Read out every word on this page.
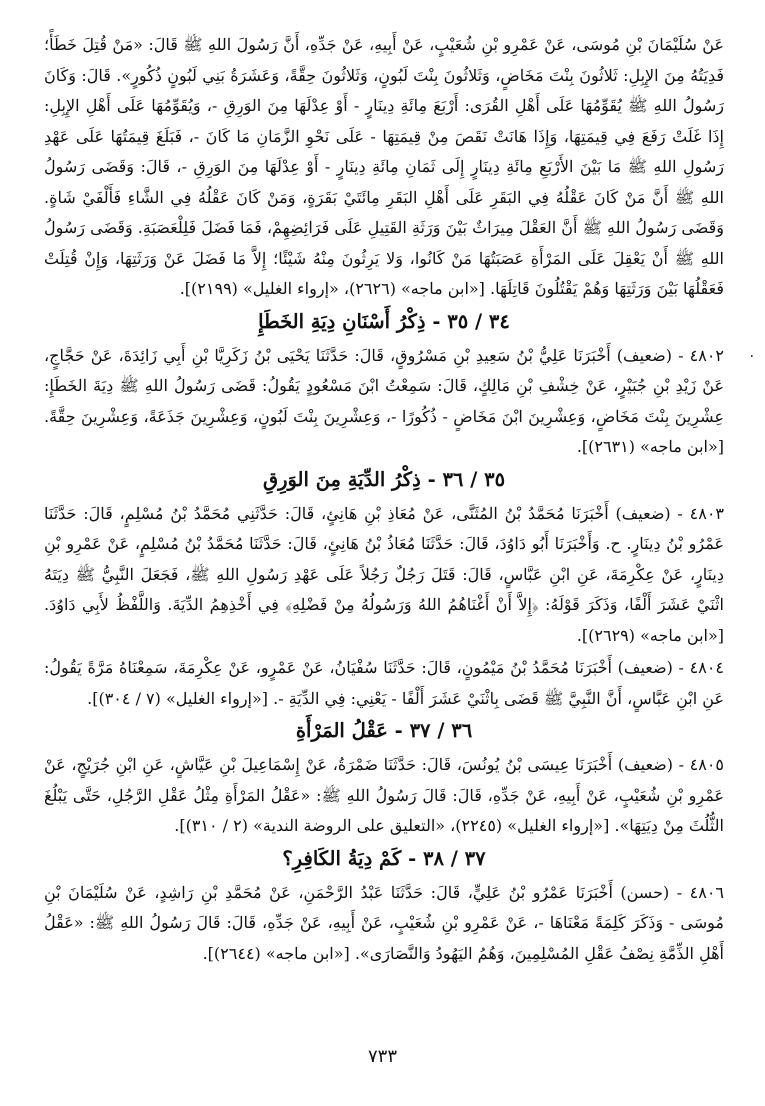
عَنْ سُلَيْمَانَ بْنِ مُوسَى، عَنْ عَمْرِو بْنِ شُعَيْبٍ، عَنْ أَبِيهِ، عَنْ جَدِّهِ، أَنَّ رَسُولَ اللهِ ﷺ قَالَ: «مَنْ قُتِلَ خَطَأً؛ فَدِيَتُهُ مِنَ الإِبِلِ: ثَلاثُونَ بِنْتَ مَخَاضٍ، وَثَلاثُونَ بِنْتَ لَبُونٍ، وَثَلاثُونَ حِقَّةً، وَعَشَرَةُ بَنِي لَبُونٍ ذُكُورٍ». قَالَ: وَكَانَ رَسُولُ اللهِ ﷺ يُقَوِّمُهَا عَلَى أَهْلِ القُرَى: أَرْبَعَ مِائَةِ دِينَارٍ - أَوْ عِدْلَهَا مِنَ الوَرِقِ -، وَيُقَوِّمُهَا عَلَى أَهْلِ الإِبِلِ: إِذَا غَلَتْ رَفَعَ فِي قِيمَتِهَا، وَإِذَا هَانَتْ نَقَصَ مِنْ قِيمَتِهَا - عَلَى نَحْوِ الزَّمَانِ مَا كَانَ -، فَبَلَغَ قِيمَتُهَا عَلَى عَهْدِ رَسُولِ اللهِ ﷺ مَا بَيْنَ الأَرْبَعِ مِائَةِ دِينَارٍ إِلَى ثَمَانِ مِائَةِ دِينَارٍ - أَوْ عِدْلَهَا مِنَ الوَرِقِ -، قَالَ: وَقَضَى رَسُولُ اللهِ ﷺ أَنَّ مَنْ كَانَ عَقْلُهُ فِي البَقَرِ عَلَى أَهْلِ البَقَرِ مِائَتَيْ بَقَرَةٍ، وَمَنْ كَانَ عَقْلُهُ فِي الشَّاءِ فَأَلْفَيْ شَاةٍ. وَقَضَى رَسُولُ اللهِ ﷺ أَنَّ العَقْلَ مِيرَاثٌ بَيْنَ وَرَثَةِ القَتِيلِ عَلَى فَرَائِضِهِمْ، فَمَا فَضَلَ فَلِلْعَصَبَةِ. وَقَضَى رَسُولُ اللهِ ﷺ أَنْ يَعْقِلَ عَلَى المَرْأَةِ عَصَبَتُهَا مَنْ كَانُوا، وَلا يَرِثُونَ مِنْهُ شَيْئًا؛ إِلاَّ مَا فَضَلَ عَنْ وَرَثَتِهَا، وَإِنْ قُتِلَتْ فَعَقْلُهَا بَيْنَ وَرَثَتِهَا وَهُمْ يَقْتُلُونَ قَاتِلَهَا. [«ابن ماجه» (٢٦٢٦)، «إرواء الغليل» (٢١٩٩)].

٣٤ / ٣٥ - ذِكْرُ أَسْنَانِ دِيَةِ الخَطَإِ

٤٨٠٢ - (ضعيف) أَخْبَرَنَا عَلِيُّ بْنُ سَعِيدِ بْنِ مَسْرُوقٍ، قَالَ: حَدَّثَنَا يَحْيَى بْنُ زَكَرِيَّا بْنِ أَبِي زَائِدَةَ، عَنْ حَجَّاجٍ، عَنْ زَيْدِ بْنِ جُبَيْرٍ، عَنْ خِشْفِ بْنِ مَالِكٍ، قَالَ: سَمِعْتُ ابْنَ مَسْعُودٍ يَقُولُ: قَضَى رَسُولُ اللهِ ﷺ دِيَةَ الخَطَإِ: عِشْرِينَ بِنْتَ مَخَاضٍ، وَعِشْرِينَ ابْنَ مَخَاضٍ - ذُكُورًا -، وَعِشْرِينَ بِنْتَ لَبُونٍ، وَعِشْرِينَ جَذَعَةً، وَعِشْرِينَ حِقَّةً. [«ابن ماجه» (٢٦٣١)].

٣٥ / ٣٦ - ذِكْرُ الدِّيَةِ مِنَ الوَرِقِ

٤٨٠٣ - (ضعيف) أَخْبَرَنَا مُحَمَّدُ بْنُ المُثَنَّى، عَنْ مُعَاذِ بْنِ هَانِئٍ، قَالَ: حَدَّثَنِي مُحَمَّدُ بْنُ مُسْلِمٍ، قَالَ: حَدَّثَنَا عَمْرُو بْنُ دِينَارٍ. ح. وَأَخْبَرَنَا أَبُو دَاوُدَ، قَالَ: حَدَّثَنَا مُعَاذُ بْنُ هَانِئٍ، قَالَ: حَدَّثَنَا مُحَمَّدُ بْنُ مُسْلِمٍ، عَنْ عَمْرِو بْنِ دِينَارٍ، عَنْ عِكْرِمَةَ، عَنِ ابْنِ عَبَّاسٍ، قَالَ: قَتَلَ رَجُلٌ رَجُلاً عَلَى عَهْدِ رَسُولِ اللهِ ﷺ، فَجَعَلَ النَّبِيُّ ﷺ دِيَتَهُ اثْنَيْ عَشَرَ أَلْفًا، وَذَكَرَ قَوْلَهُ: ﴿إِلاَّ أَنْ أَغْنَاهُمُ اللهُ وَرَسُولُهُ مِنْ فَضْلِهِ﴾ فِي أَخْذِهِمُ الدِّيَةَ. وَاللَّفْظُ لأَبِي دَاوُدَ. [«ابن ماجه» (٢٦٢٩)].

٤٨٠٤ - (ضعيف) أَخْبَرَنَا مُحَمَّدُ بْنُ مَيْمُونٍ، قَالَ: حَدَّثَنَا سُفْيَانُ، عَنْ عَمْرٍو، عَنْ عِكْرِمَةَ، سَمِعْنَاهُ مَرَّةً يَقُولُ: عَنِ ابْنِ عَبَّاسٍ، أَنَّ النَّبِيَّ ﷺ قَضَى بِاثْنَيْ عَشَرَ أَلْفًا - يَعْنِي: فِي الدِّيَةِ -. [«إرواء الغليل» (٧ / ٣٠٤)].

٣٦ / ٣٧ - عَقْلُ المَرْأَةِ

٤٨٠٥ - (ضعيف) أَخْبَرَنَا عِيسَى بْنُ يُونُسَ، قَالَ: حَدَّثَنَا ضَمْرَةُ، عَنْ إِسْمَاعِيلَ بْنِ عَيَّاشٍ، عَنِ ابْنِ جُرَيْجٍ، عَنْ عَمْرِو بْنِ شُعَيْبٍ، عَنْ أَبِيهِ، عَنْ جَدِّهِ، قَالَ: قَالَ رَسُولُ اللهِ ﷺ: «عَقْلُ المَرْأَةِ مِثْلُ عَقْلِ الرَّجُلِ، حَتَّى يَبْلُغَ الثُّلُثَ مِنْ دِيَتِهَا». [«إرواء الغليل» (٢٢٤٥)، «التعليق على الروضة الندية» (٢ / ٣١٠)].

٣٧ / ٣٨ - كَمْ دِيَةُ الكَافِرِ؟

٤٨٠٦ - (حسن) أَخْبَرَنَا عَمْرُو بْنُ عَلِيٍّ، قَالَ: حَدَّثَنَا عَبْدُ الرَّحْمَنِ، عَنْ مُحَمَّدِ بْنِ رَاشِدٍ، عَنْ سُلَيْمَانَ بْنِ مُوسَى - وَذَكَرَ كَلِمَةً مَعْنَاهَا -، عَنْ عَمْرِو بْنِ شُعَيْبٍ، عَنْ أَبِيهِ، عَنْ جَدِّهِ، قَالَ: قَالَ رَسُولُ اللهِ ﷺ: «عَقْلُ أَهْلِ الذِّمَّةِ نِصْفُ عَقْلِ المُسْلِمِينَ، وَهُمُ اليَهُودُ وَالنَّصَارَى». [«ابن ماجه» (٢٦٤٤)].

٠
٧٣٣
